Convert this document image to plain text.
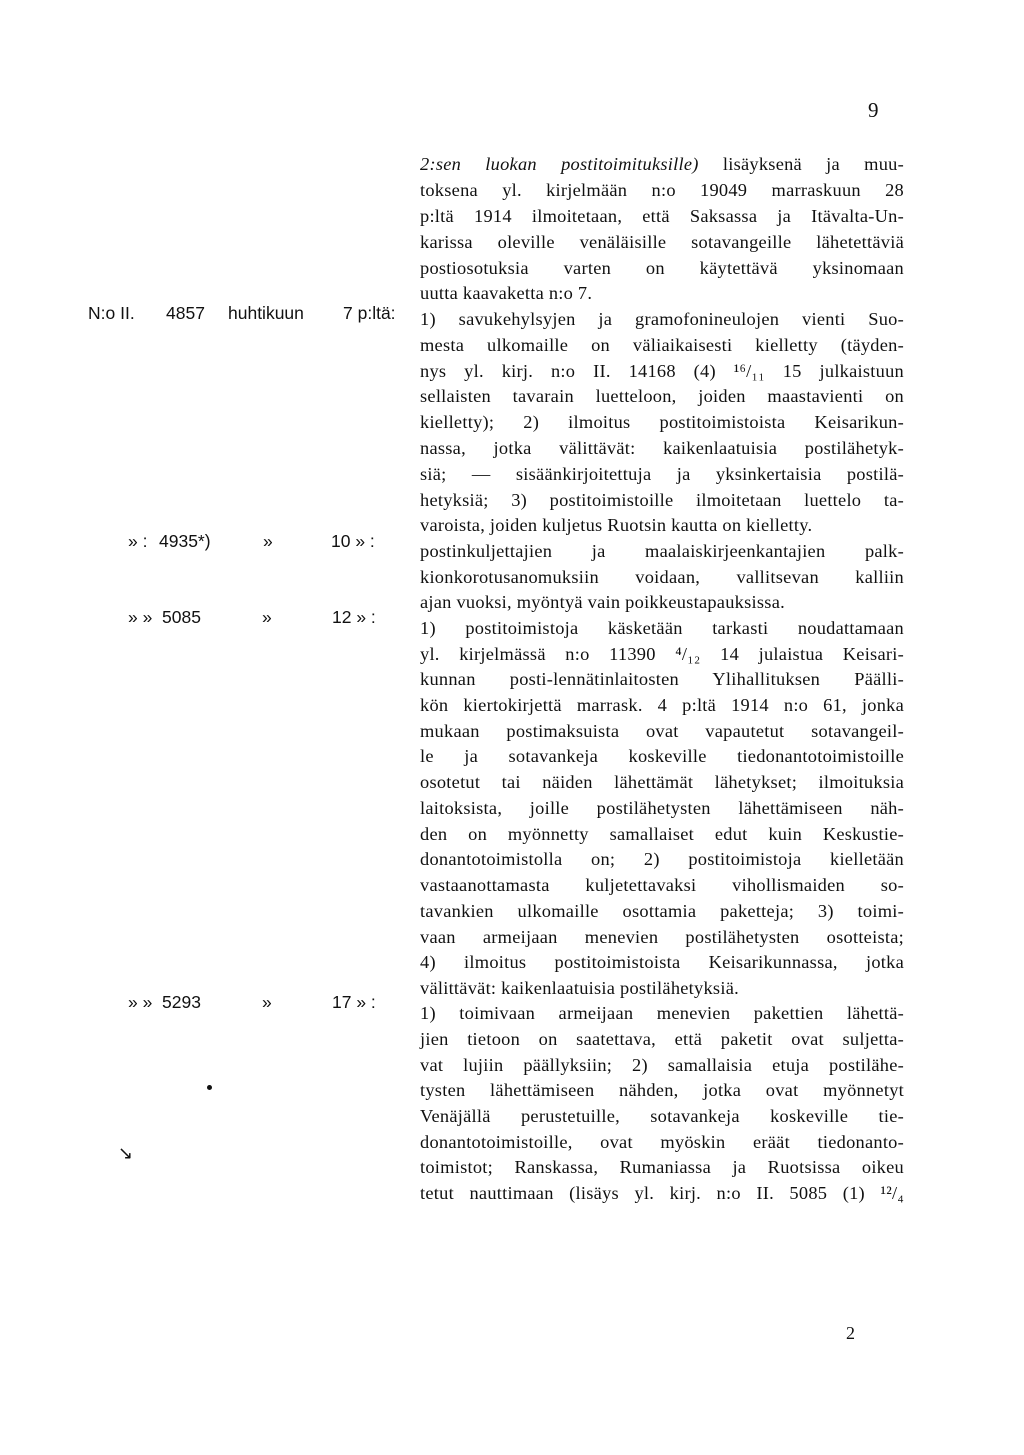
9
2:sen luokan postitoimituksille) lisäyksenä ja muu-
toksena yl. kirjelmään n:o 19049 marraskuun 28
p:ltä 1914 ilmoitetaan, että Saksassa ja Itävalta-Un-
karissa oleville venäläisille sotavangeille lähetettäviä
postiosotuksia varten on käytettävä yksinomaan
uutta kaavaketta n:o 7.
1) savukehylsyjen ja gramofonineulojen vienti Suo-
mesta ulkomaille on väliaikaisesti kielletty (täyden-
nys yl. kirj. n:o II. 14168 (4) ¹⁶/₁₁ 15 julkaistuun
sellaisten tavarain luetteloon, joiden maastavienti on
kielletty); 2) ilmoitus postitoimistoista Keisarikun-
nassa, jotka välittävät: kaikenlaatuisia postilähetyk-
siä; — sisäänkirjoitettuja ja yksinkertaisia postilä-
hetyksiä; 3) postitoimistoille ilmoitetaan luettelo ta-
varoista, joiden kuljetus Ruotsin kautta on kielletty.
postinkuljettajien ja maalaiskirjeenkantajien palk-
kionkorotusanomuksiin voidaan, vallitsevan kalliin
ajan vuoksi, myöntyä vain poikkeustapauksissa.
1) postitoimistoja käsketään tarkasti noudattamaan
yl. kirjelmässä n:o 11390 ⁴/₁₂ 14 julaistua Keisari-
kunnan posti-lennätinlaitosten Ylihallituksen Päälli-
kön kiertokirjettä marrask. 4 p:ltä 1914 n:o 61, jonka
mukaan postimaksuista ovat vapautetut sotavangeil-
le ja sotavankeja koskeville tiedonantotoimistoille
osotetut tai näiden lähettämät lähetykset; ilmoituksia
laitoksista, joille postilähetysten lähettämiseen näh-
den on myönnetty samallaiset edut kuin Keskustie-
donantotoimistolla on; 2) postitoimistoja kielletään
vastaanottamasta kuljetettavaksi vihollismaiden so-
tavankien ulkomaille osottamia paketteja; 3) toimi-
vaan armeijaan menevien postilähetysten osotteista;
4) ilmoitus postitoimistoista Keisarikunnassa, jotka
välittävät: kaikenlaatuisia postilähetyksiä.
1) toimivaan armeijaan menevien pakettien lähettä-
jien tietoon on saatettava, että paketit ovat suljetta-
vat lujiin päällyksiin; 2) samallaisia etuja postilähe-
tysten lähettämiseen nähden, jotka ovat myönnetyt
Venäjällä perustetuille, sotavankeja koskeville tie-
donantotoimistoille, ovat myöskin eräät tiedonanto-
toimistot; Ranskassa, Rumaniassa ja Ruotsissa oikeu
tetut nauttimaan (lisäys yl. kirj. n:o II. 5085 (1) ¹²/₄
N:o II. 4857 huhtikuun 7 p:ltä:
» : 4935*)	»	10 » :
» » 5085	»	12 » :
» » 5293	»	17 » :
↘
2
